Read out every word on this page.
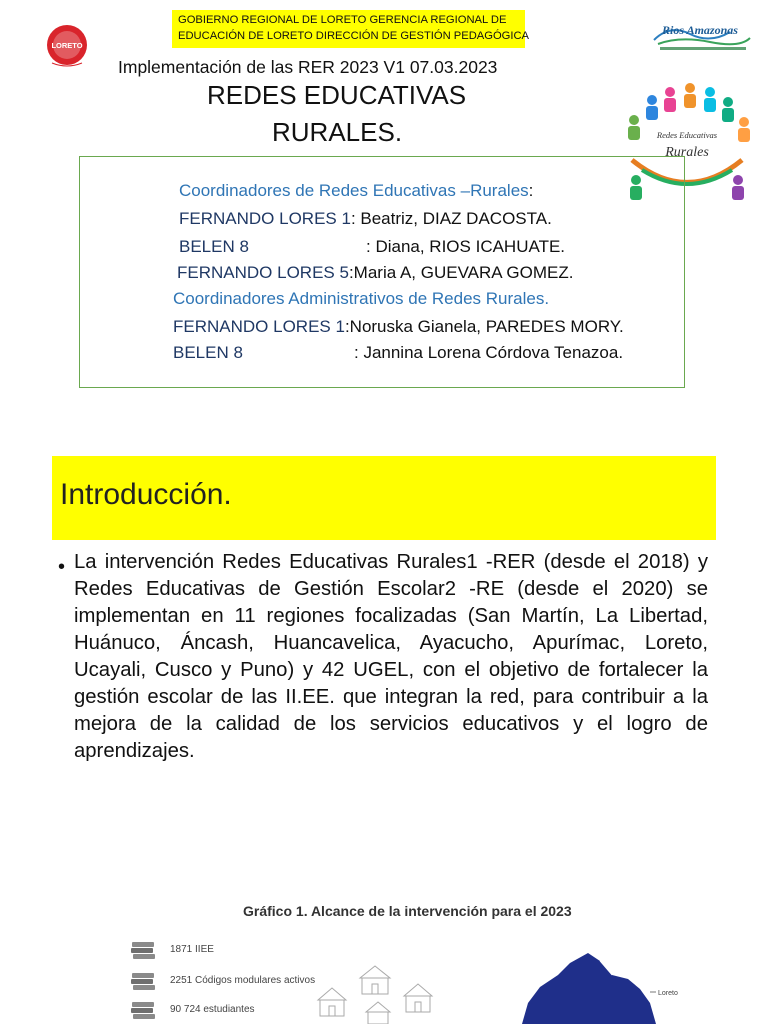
GOBIERNO REGIONAL DE LORETO GERENCIA REGIONAL DE
EDUCACIÓN DE LORETO DIRECCIÓN DE GESTIÓN PEDAGÓGICA
LORETO
Rios Amazonas
Implementación de las RER 2023 V1 07.03.2023
REDES EDUCATIVAS
RURALES.	Redes Educativas
Rurales
Coordinadores de Redes Educativas –Rurales:
FERNANDO LORES 1: Beatriz, DIAZ DACOSTA.
BELEN 8	: Diana, RIOS ICAHUATE.
FERNANDO LORES 5:Maria A, GUEVARA GOMEZ.
Coordinadores Administrativos de Redes Rurales.
FERNANDO LORES 1:Noruska Gianela, PAREDES MORY.
BELEN 8	: Jannina Lorena Córdova Tenazoa.
Introducción.
• La intervención Redes Educativas Rurales1 -RER (desde el 2018) y Redes Educativas de Gestión Escolar2 -RE (desde el 2020) se implementan en 11 regiones focalizadas (San Martín, La Libertad, Huánuco, Áncash, Huancavelica, Ayacucho, Apurímac, Loreto, Ucayali, Cusco y Puno) y 42 UGEL, con el objetivo de fortalecer la gestión escolar de las II.EE. que integran la red, para contribuir a la mejora de la calidad de los servicios educativos y el logro de aprendizajes.
Gráfico 1. Alcance de la intervención para el 2023
1871 IIEE
2251 Códigos modulares activos
90 724 estudiantes
Loreto
